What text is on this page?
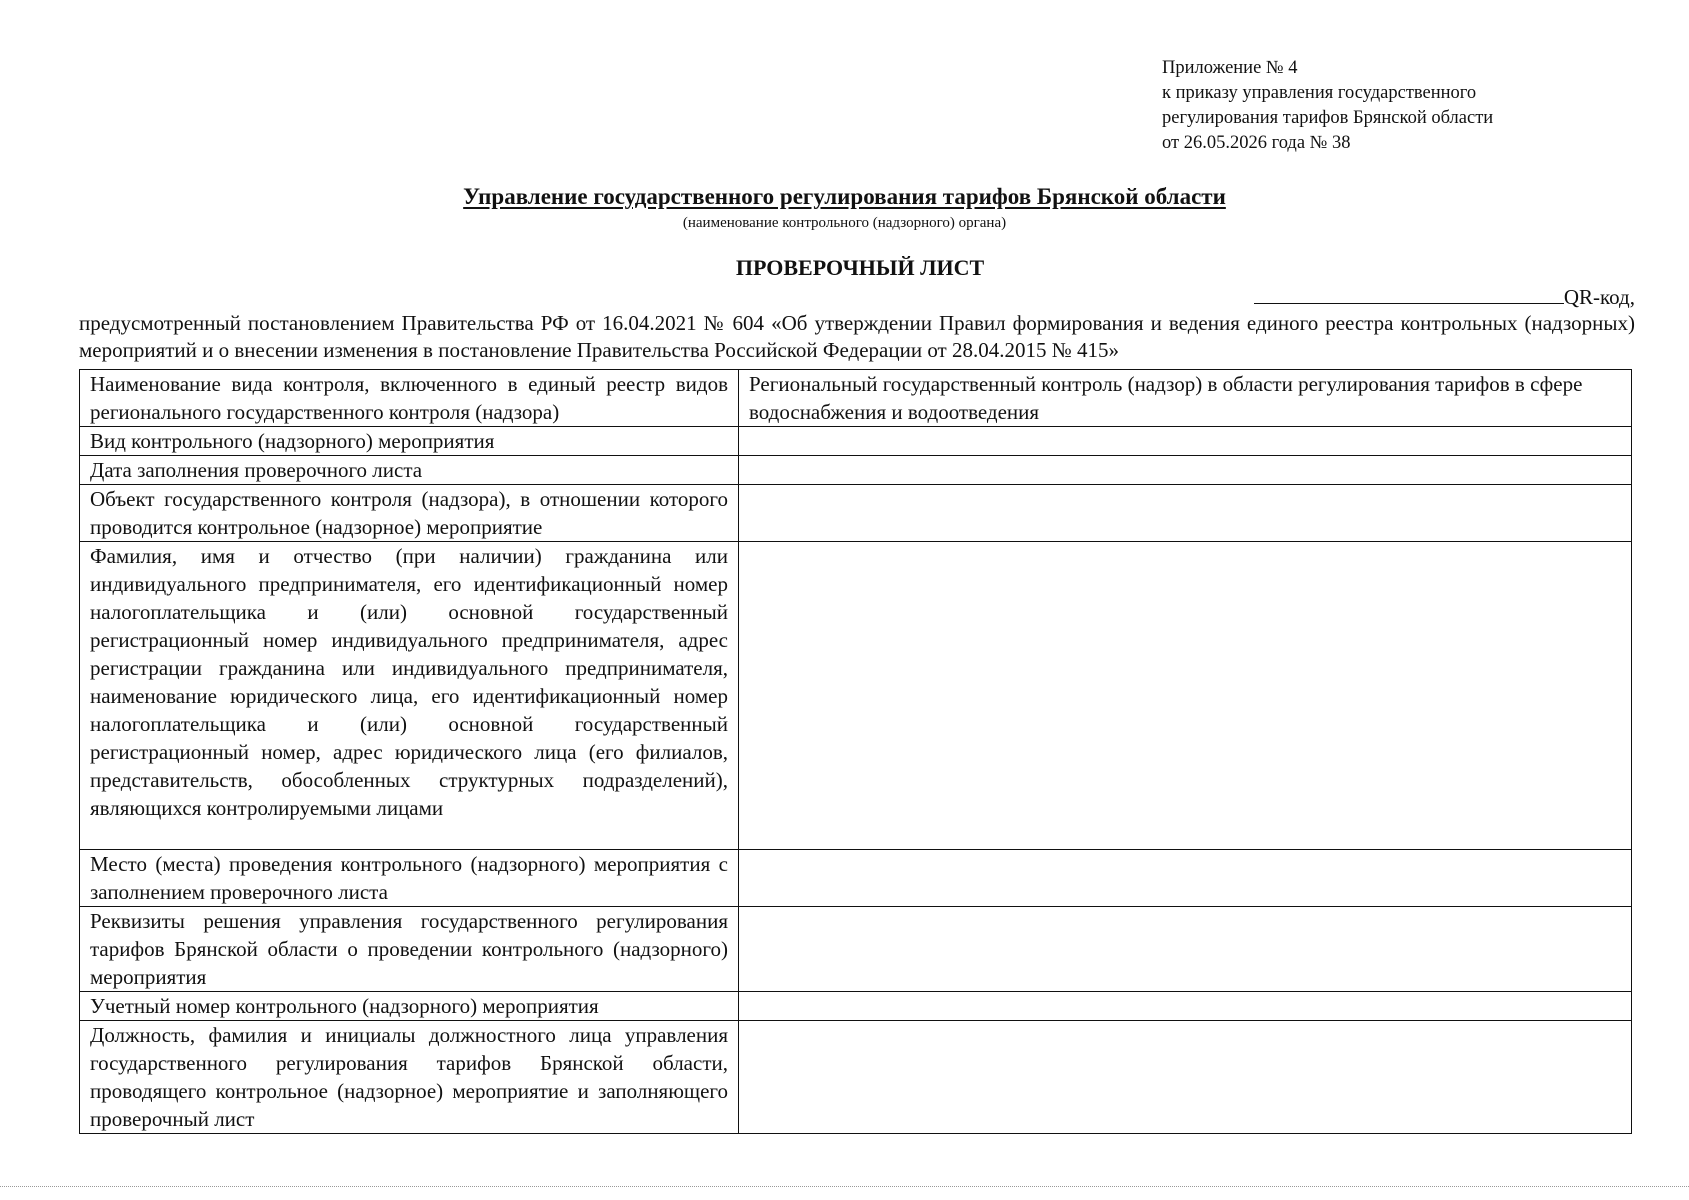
Приложение № 4
к приказу управления государственного
регулирования тарифов Брянской области
от 26.05.2026 года № 38
Управление государственного регулирования тарифов Брянской области
(наименование контрольного (надзорного) органа)
ПРОВЕРОЧНЫЙ ЛИСТ
QR-код,
предусмотренный постановлением Правительства РФ от 16.04.2021 № 604 «Об утверждении Правил формирования и ведения единого реестра контрольных (надзорных) мероприятий и о внесении изменения в постановление Правительства Российской Федерации от 28.04.2015 № 415»
Наименование вида контроля, включенного в единый реестр видов регионального государственного контроля (надзора)	Региональный государственный контроль (надзор) в области регулирования тарифов в сфере водоснабжения и водоотведения
Вид контрольного (надзорного) мероприятия	
Дата заполнения проверочного листа	
Объект государственного контроля (надзора), в отношении которого проводится контрольное (надзорное) мероприятие	
Фамилия, имя и отчество (при наличии) гражданина или индивидуального предпринимателя, его идентификационный номер налогоплательщика и (или) основной государственный регистрационный номер индивидуального предпринимателя, адрес регистрации гражданина или индивидуального предпринимателя, наименование юридического лица, его идентификационный номер налогоплательщика и (или) основной государственный регистрационный номер, адрес юридического лица (его филиалов, представительств, обособленных структурных подразделений), являющихся контролируемыми лицами	
Место (места) проведения контрольного (надзорного) мероприятия с заполнением проверочного листа	
Реквизиты решения управления государственного регулирования тарифов Брянской области о проведении контрольного (надзорного) мероприятия	
Учетный номер контрольного (надзорного) мероприятия	
Должность, фамилия и инициалы должностного лица управления государственного регулирования тарифов Брянской области, проводящего контрольное (надзорное) мероприятие и заполняющего проверочный лист	
